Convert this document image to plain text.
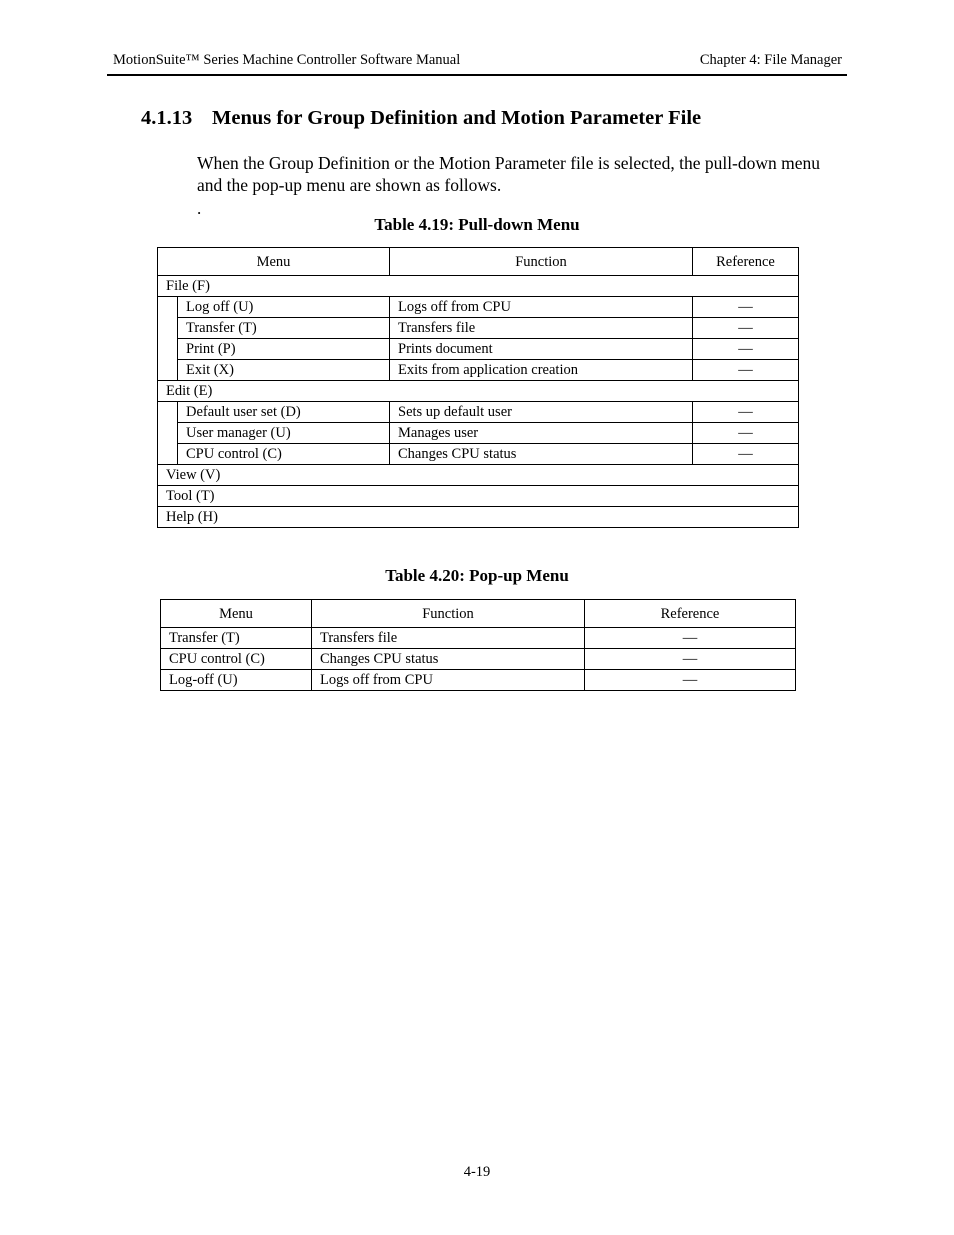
MotionSuite™ Series Machine Controller Software Manual	Chapter 4: File Manager
4.1.13 Menus for Group Definition and Motion Parameter File
When the Group Definition or the Motion Parameter file is selected, the pull-down menu and the pop-up menu are shown as follows.
.
Table 4.19: Pull-down Menu
Menu		Function	Reference
File (F)			
	Log off (U)	Logs off from CPU	—
	Transfer (T)	Transfers file	—
	Print (P)	Prints document	—
	Exit (X)	Exits from application creation	—
Edit (E)			
	Default user set (D)	Sets up default user	—
	User manager (U)	Manages user	—
	CPU control (C)	Changes CPU status	—
View (V)			
Tool (T)			
Help (H)			
Table 4.20: Pop-up Menu
Menu	Function	Reference
Transfer (T)	Transfers file	—
CPU control (C)	Changes CPU status	—
Log-off (U)	Logs off from CPU	—
4-19
